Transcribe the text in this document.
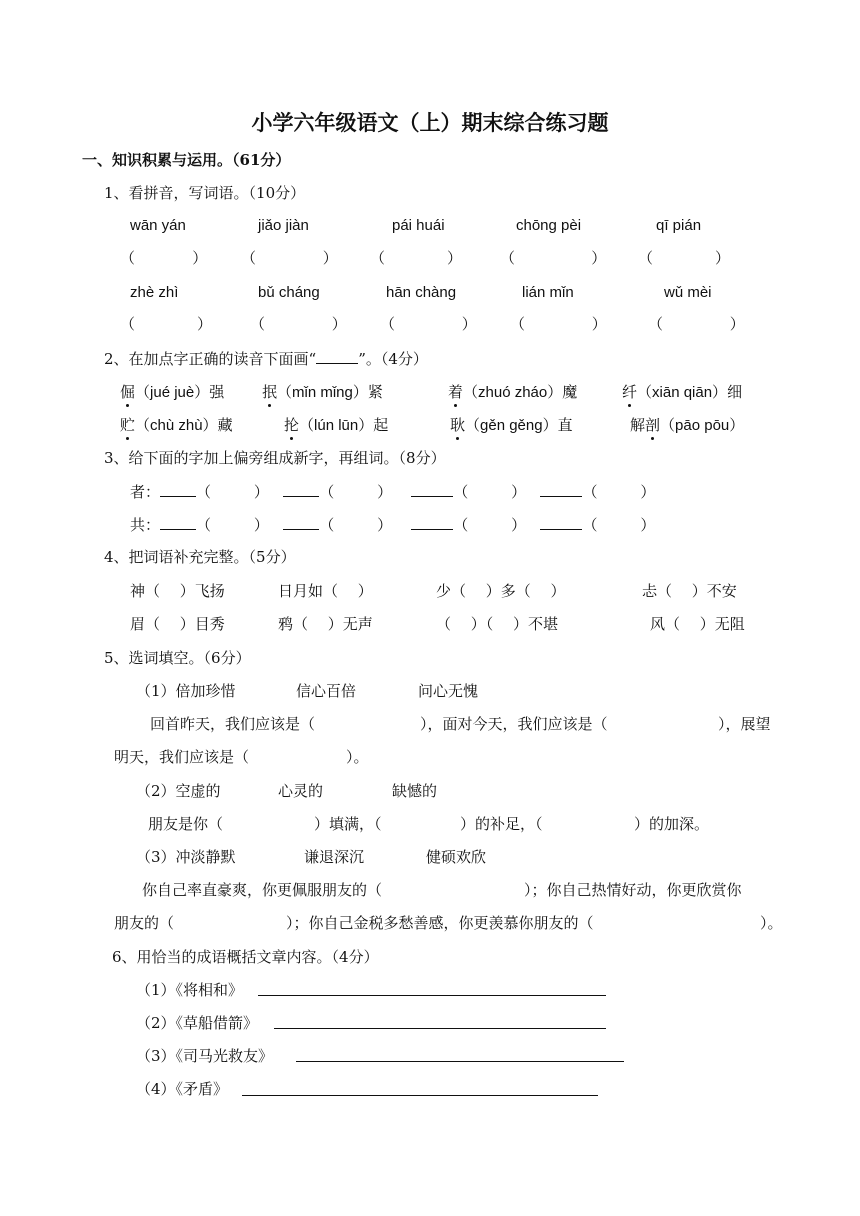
小学六年级语文（上）期末综合练习题
一、知识积累与运用。（61分）
1、看拼音，写词语。（10分）
wān yán	jiǎo jiàn	pái huái	chōng pèi	qī pián
（            ） （              ） （             ）	（                ） （             ）
zhè zhì	bǔ cháng	hān chàng	lián mǐn	wǔ mèi
（             ）	（              ） （              ） （              ）	（              ）
2、在加点字正确的读音下面画“	”。（4分）
倔（jué juè）强	抿（mǐn mǐng）紧	着（zhuó zháo）魔	纤（xiān qiān）细
贮（chù zhù）藏	抡（lún lūn）起	耿（gěn gěng）直	解剖（pāo pōu）
3、给下面的字加上偏旁组成新字，再组词。（8分）
者： （         ）   （         ）	（         ）	（         ）
共： （         ）   （         ）	（         ）	（         ）
4、把词语补充完整。（5分）
神（　 ）飞扬	日月如（　 ）	少（　 ）多（　 ）	忐（　 ）不安
眉（　 ）目秀	鸦（　 ）无声	（　 ）（　 ）不堪	风（　 ）无阻
5、选词填空。（6分）
（1）倍加珍惜	信心百倍	问心无愧
回首昨天，我们应该是（	），面对今天，我们应该是（	），展望
明天，我们应该是（	）。
（2）空虚的	心灵的	缺憾的
朋友是你（	）填满，（	）的补足，（	）的加深。
（3）冲淡静默	谦退深沉	健硕欢欣
你自己率直豪爽，你更佩服朋友的（	）；你自己热情好动，你更欣赏你
朋友的（	）；你自己金税多愁善感，你更羡慕你朋友的（	）。
6、用恰当的成语概括文章内容。（4分）
（1）《将相和》
（2）《草船借箭》
（3）《司马光救友》
（4）《矛盾》
